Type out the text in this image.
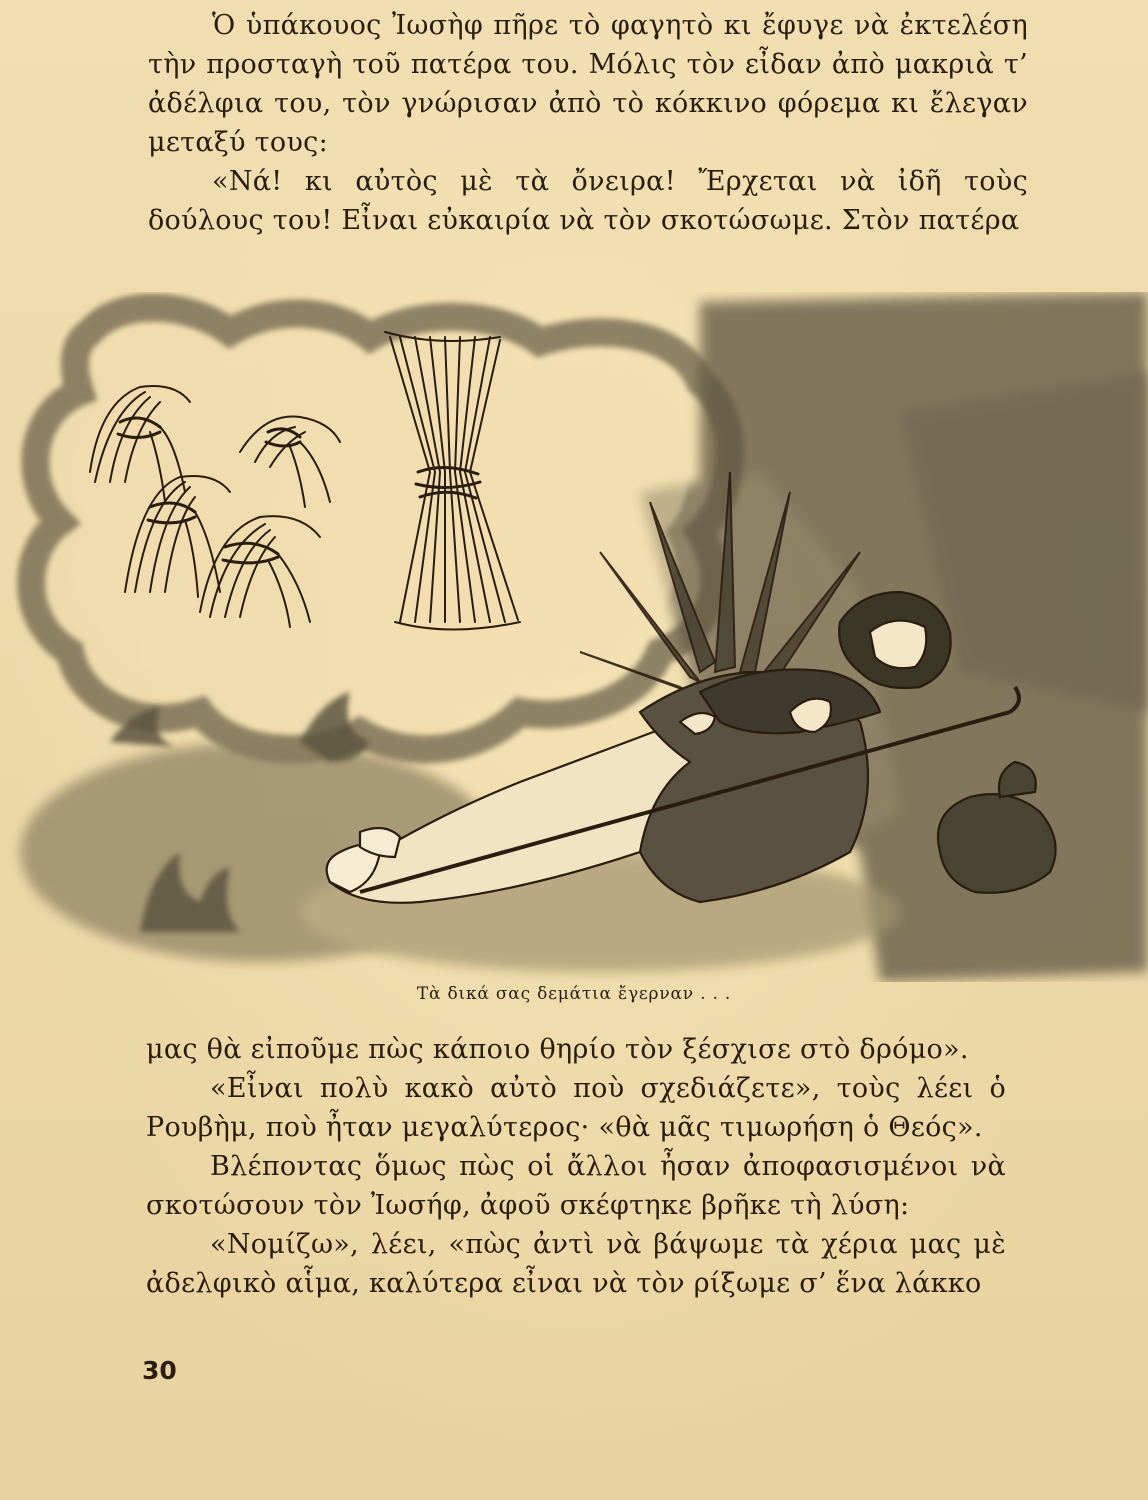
Ὁ ὑπάκουος Ἰωσὴφ πῆρε τὸ φαγητὸ κι ἔφυγε νὰ ἐκτελέση τὴν προσταγὴ τοῦ πατέρα του. Μόλις τὸν εἶδαν ἀπὸ μακριὰ τ’ ἀδέλφια του, τὸν γνώρισαν ἀπὸ τὸ κόκκινο φόρεμα κι ἔλεγαν μεταξύ τους:

«Νά! κι αὐτὸς μὲ τὰ ὄνειρα! Ἔρχεται νὰ ἰδῆ τοὺς δούλους του! Εἶναι εὐκαιρία νὰ τὸν σκοτώσωμε. Στὸν πατέρα

Τὰ δικά σας δεμάτια ἔγερναν . . .

μας θὰ εἰποῦμε πὼς κάποιο θηρίο τὸν ξέσχισε στὸ δρόμο».

«Εἶναι πολὺ κακὸ αὐτὸ ποὺ σχεδιάζετε», τοὺς λέει ὁ Ρουβὴμ, ποὺ ἦταν μεγαλύτερος· «θὰ μᾶς τιμωρήση ὁ Θεός».

Βλέποντας ὅμως πὼς οἱ ἄλλοι ἦσαν ἀποφασισμένοι νὰ σκοτώσουν τὸν Ἰωσήφ, ἀφοῦ σκέφτηκε βρῆκε τὴ λύση:

«Νομίζω», λέει, «πὼς ἀντὶ νὰ βάψωμε τὰ χέρια μας μὲ ἀδελφικὸ αἷμα, καλύτερα εἶναι νὰ τὸν ρίξωμε σ’ ἕνα λάκκο

30
